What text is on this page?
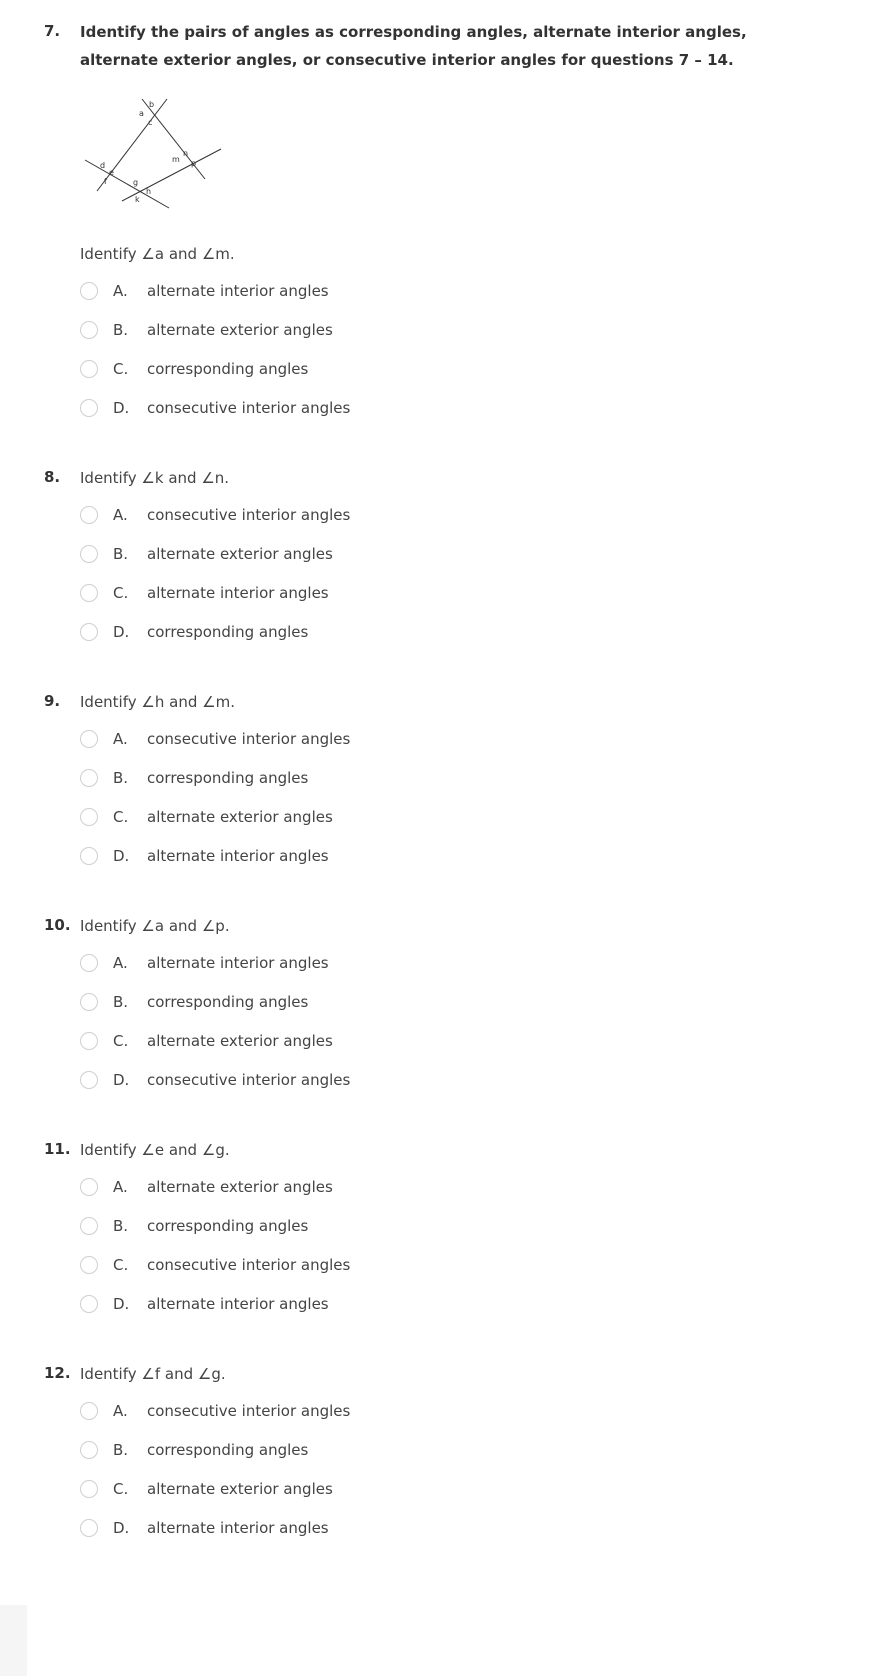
7. Identify the pairs of angles as corresponding angles, alternate interior angles, alternate exterior angles, or consecutive interior angles for questions 7 – 14.
b
a
c
d
e
f	g
h
k
m
n
p
Identify ∠a and ∠m.
A.	alternate interior angles
B.	alternate exterior angles
C.	corresponding angles
D.	consecutive interior angles
8. Identify ∠k and ∠n.
A.	consecutive interior angles
B.	alternate exterior angles
C.	alternate interior angles
D.	corresponding angles
9. Identify ∠h and ∠m.
A.	consecutive interior angles
B.	corresponding angles
C.	alternate exterior angles
D.	alternate interior angles
10. Identify ∠a and ∠p.
A.	alternate interior angles
B.	corresponding angles
C.	alternate exterior angles
D.	consecutive interior angles
11. Identify ∠e and ∠g.
A.	alternate exterior angles
B.	corresponding angles
C.	consecutive interior angles
D.	alternate interior angles
12. Identify ∠f and ∠g.
A.	consecutive interior angles
B.	corresponding angles
C.	alternate exterior angles
D.	alternate interior angles
